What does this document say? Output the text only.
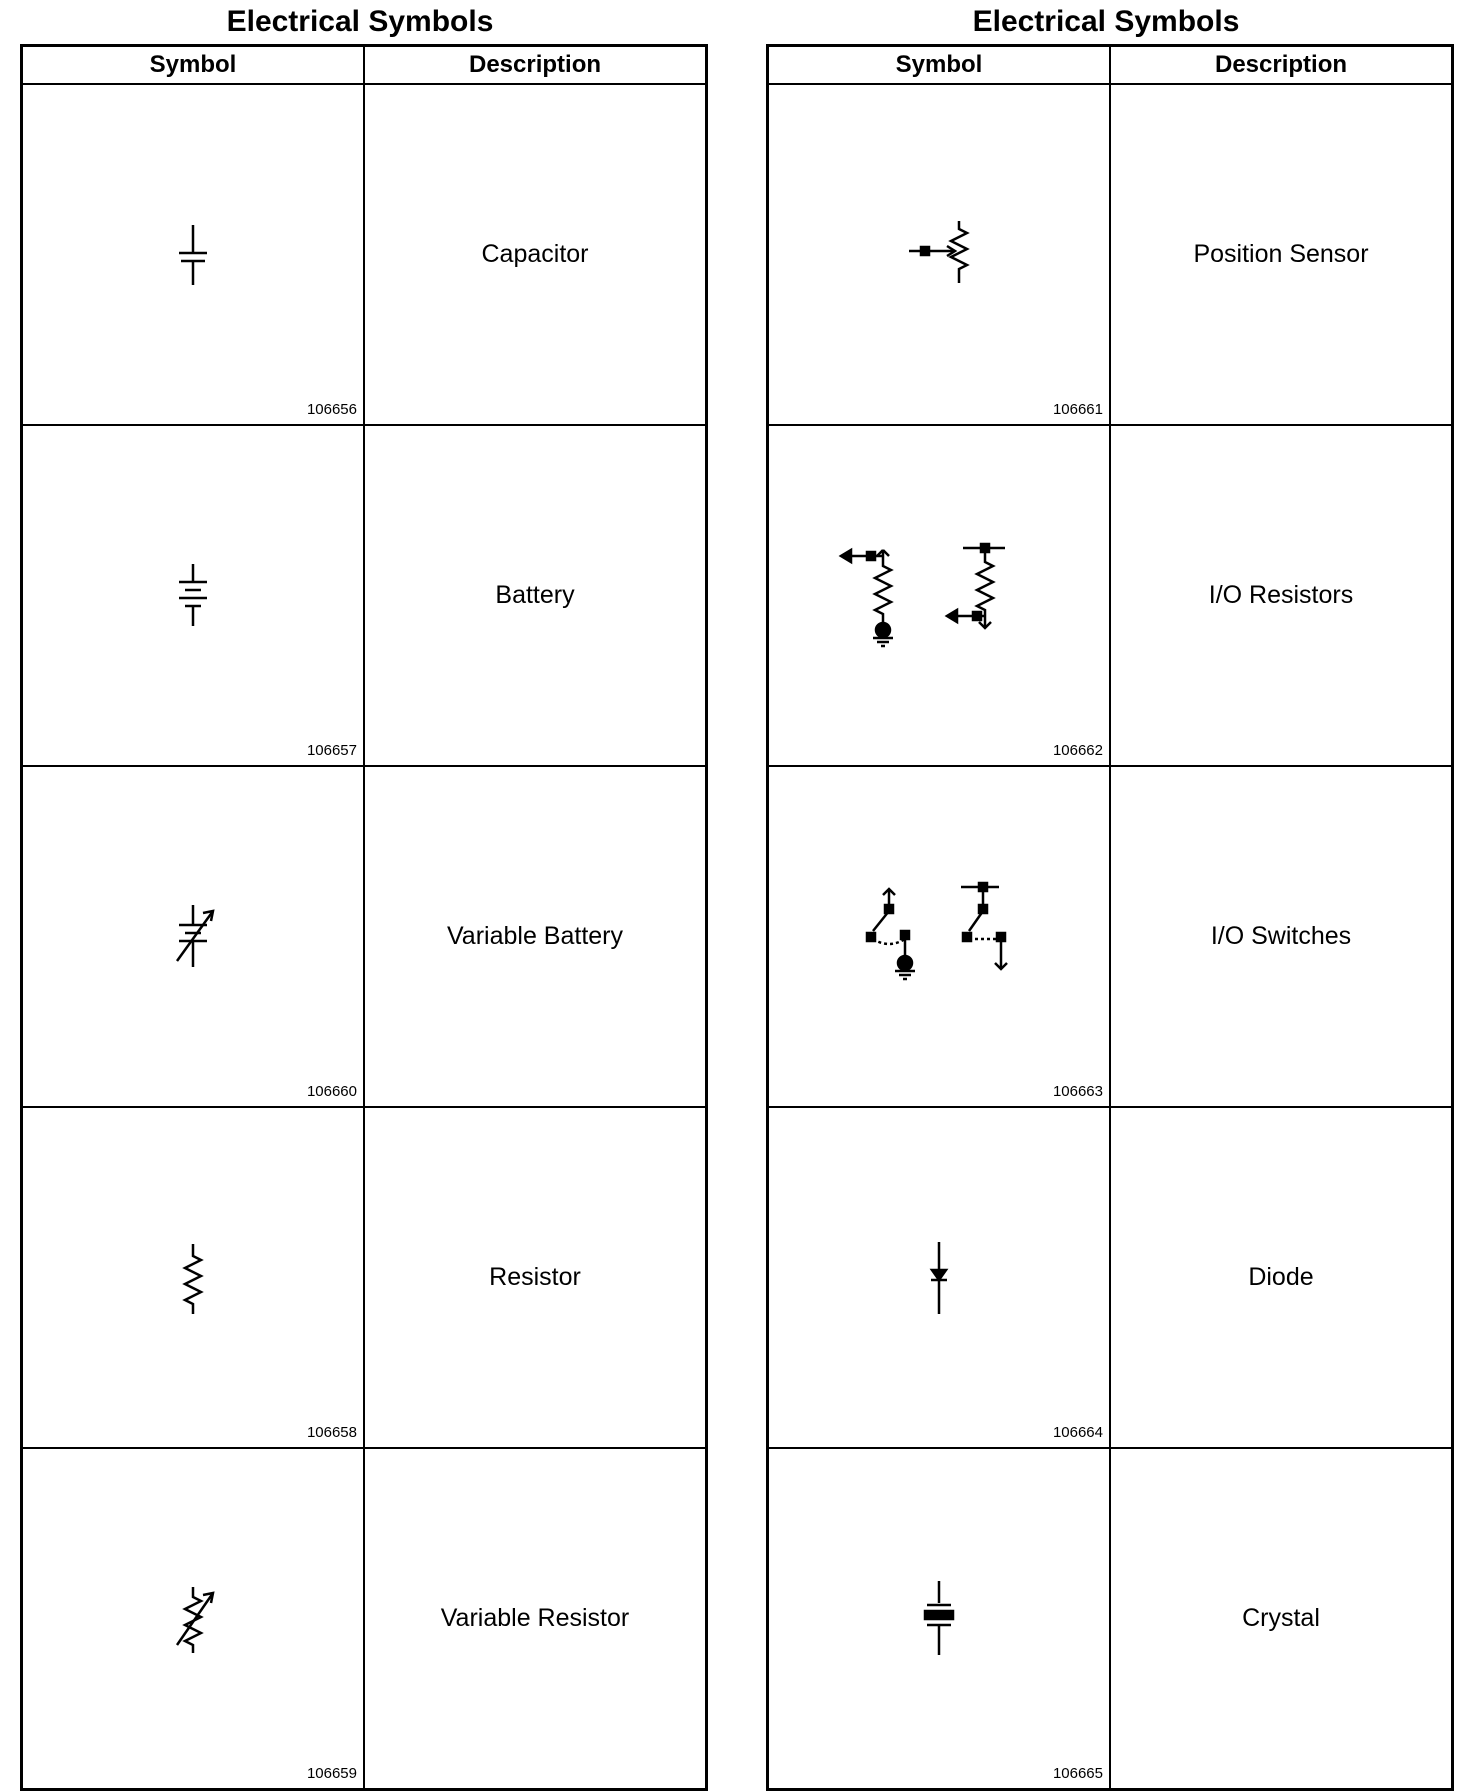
Electrical Symbols
Symbol	Description

106656	Capacitor

106657	Battery

106660	Variable Battery

106658	Resistor

106659	Variable Resistor
Electrical Symbols
Symbol	Description

106661	Position Sensor

106662	I/O Resistors

106663	I/O Switches

106664	Diode

106665	Crystal
